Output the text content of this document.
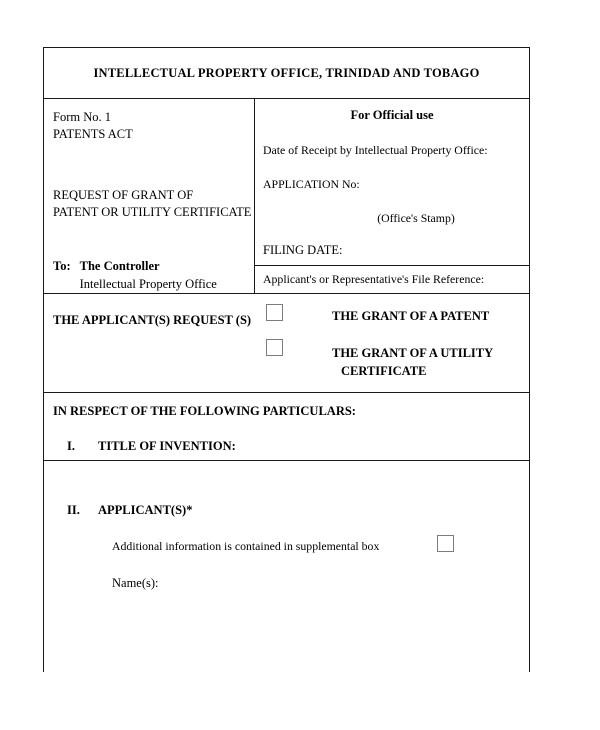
INTELLECTUAL PROPERTY OFFICE, TRINIDAD AND TOBAGO
Form No. 1
PATENTS ACT
REQUEST OF GRANT OF
PATENT OR UTILITY CERTIFICATE
To: The Controller
Intellectual Property Office
For Official use
Date of Receipt by Intellectual Property Office:
APPLICATION No:
(Office's Stamp)
FILING DATE:
Applicant's or Representative's File Reference:
THE APPLICANT(S) REQUEST (S)	THE GRANT OF A PATENT
THE GRANT OF A UTILITY
CERTIFICATE
IN RESPECT OF THE FOLLOWING PARTICULARS:
I.	TITLE OF INVENTION:
II.	APPLICANT(S)*
Additional information is contained in supplemental box
Name(s):
